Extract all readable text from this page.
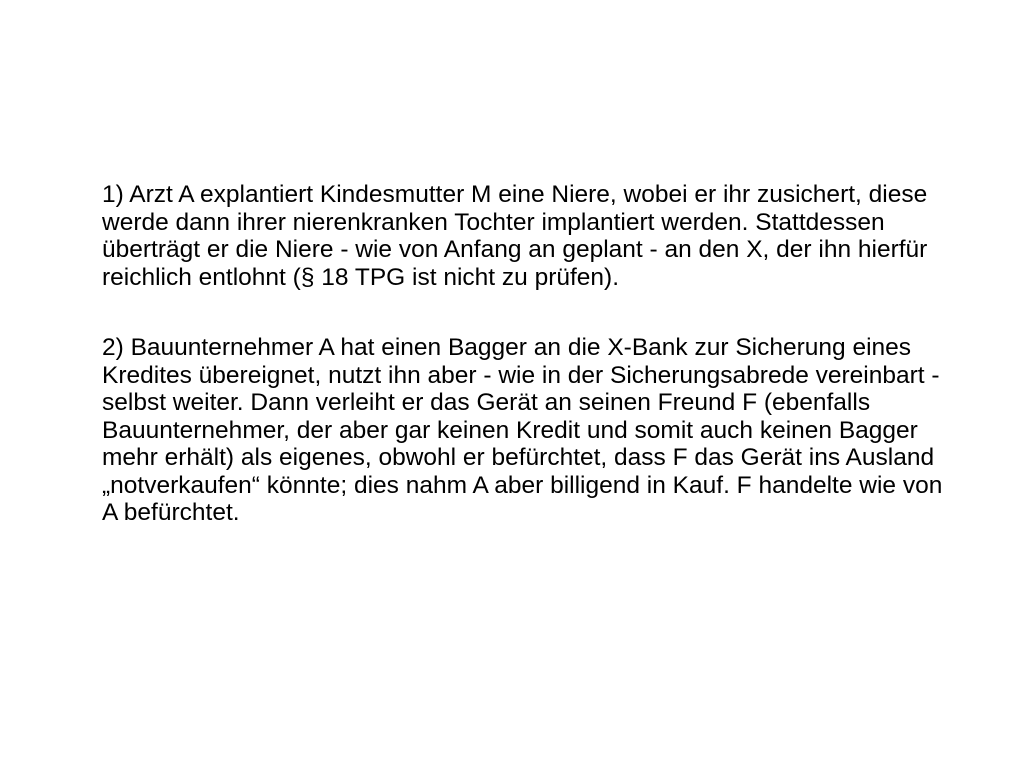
1) Arzt A explantiert Kindesmutter M eine Niere, wobei er ihr zusichert, diese werde dann ihrer nierenkranken Tochter implantiert werden. Stattdessen überträgt er die Niere - wie von Anfang an geplant - an den X, der ihn hierfür reichlich entlohnt (§ 18 TPG ist nicht zu prüfen).

2) Bauunternehmer A hat einen Bagger an die X-Bank zur Sicherung eines Kredites übereignet, nutzt ihn aber - wie in der Sicherungsabrede vereinbart - selbst weiter. Dann verleiht er das Gerät an seinen Freund F (ebenfalls Bauunternehmer, der aber gar keinen Kredit und somit auch keinen Bagger mehr erhält) als eigenes, obwohl er befürchtet, dass F das Gerät ins Ausland „notverkaufen“ könnte; dies nahm A aber billigend in Kauf. F handelte wie von A befürchtet.
